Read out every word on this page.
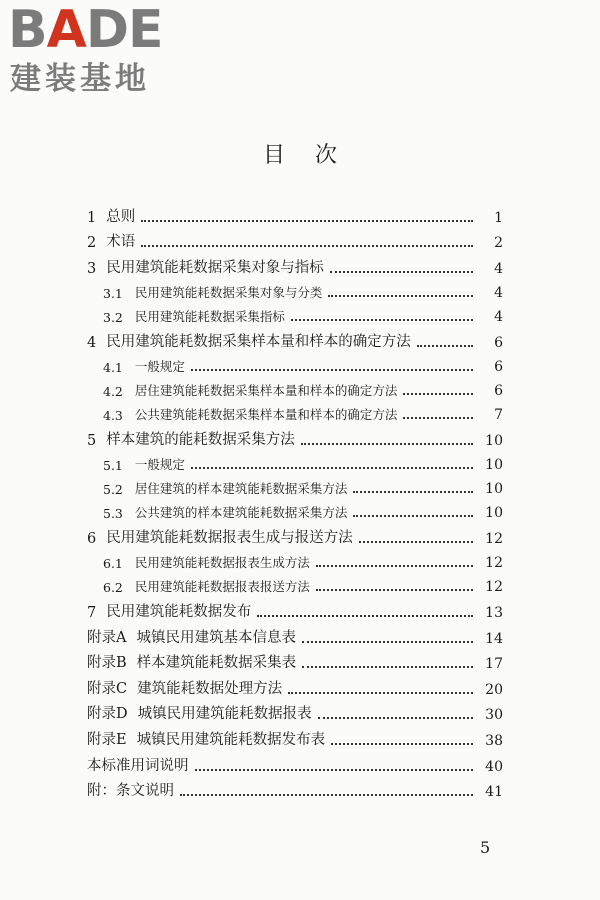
BADE
建装基地
目次
1 总则	1
2 术语	2
3 民用建筑能耗数据采集对象与指标	4
3.1 民用建筑能耗数据采集对象与分类	4
3.2 民用建筑能耗数据采集指标	4
4 民用建筑能耗数据采集样本量和样本的确定方法	6
4.1 一般规定	6
4.2 居住建筑能耗数据采集样本量和样本的确定方法	6
4.3 公共建筑能耗数据采集样本量和样本的确定方法	7
5 样本建筑的能耗数据采集方法	10
5.1 一般规定	10
5.2 居住建筑的样本建筑能耗数据采集方法	10
5.3 公共建筑的样本建筑能耗数据采集方法	10
6 民用建筑能耗数据报表生成与报送方法	12
6.1 民用建筑能耗数据报表生成方法	12
6.2 民用建筑能耗数据报表报送方法	12
7 民用建筑能耗数据发布	13
附录A 城镇民用建筑基本信息表	14
附录B 样本建筑能耗数据采集表	17
附录C 建筑能耗数据处理方法	20
附录D 城镇民用建筑能耗数据报表	30
附录E 城镇民用建筑能耗数据发布表	38
本标准用词说明	40
附：条文说明	41
5
